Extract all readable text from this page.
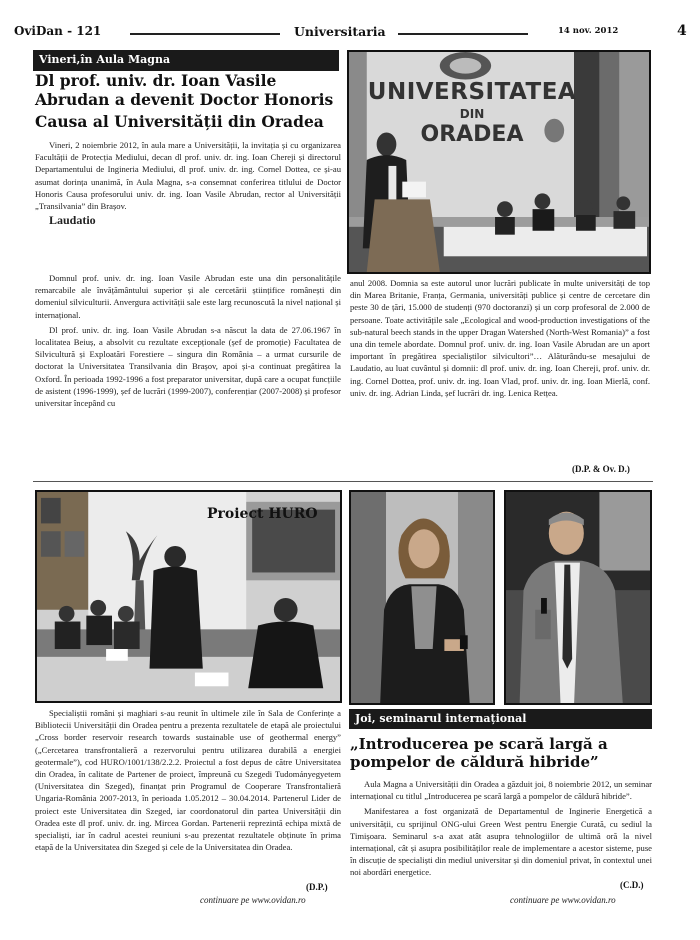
OviDan - 121	Universitaria	14 nov. 2012	4
Vineri,în Aula Magna
Dl prof. univ. dr. Ioan Vasile
Abrudan a devenit Doctor Honoris
Causa al Universității din Oradea

Vineri, 2 noiembrie 2012, în aula mare a Universității, la invitația și cu organizarea Facultății de Protecția Mediului, decan dl prof. univ. dr. ing. Ioan Chereji și directorul Departamentului de Ingineria Mediului, dl prof. univ. dr. ing. Cornel Dottea, ce și-au asumat dorința unanimă, în Aula Magna, s-a consemnat conferirea titlului de Doctor Honoris Causa profesorului univ. dr. ing. Ioan Vasile Abrudan, rector al Universității „Transilvania” din Brașov.

Laudatio

Domnul prof. univ. dr. ing. Ioan Vasile Abrudan este una din personalitățile remarcabile ale învățământului superior și ale cercetării științifice românești din domeniul silviculturii. Anvergura activității sale este larg recunoscută la nivel național și internațional.

Dl prof. univ. dr. ing. Ioan Vasile Abrudan s-a născut la data de 27.06.1967 în localitatea Beiuș, a absolvit cu rezultate excepționale (șef de promoție) Facultatea de Silvicultură și Exploatări Forestiere – singura din România – a urmat cursurile de doctorat la Universitatea Transilvania din Brașov, apoi și-a continuat pregătirea la Oxford. În perioada 1992-1996 a fost preparator universitar, după care a ocupat funcțiile de asistent (1996-1999), șef de lucrări (1999-2007), conferențiar (2007-2008) și profesor universitar începând cu

UNIVERSITATEA
DIN
ORADEA

anul 2008. Domnia sa este autorul unor lucrări publicate în multe universități de top din Marea Britanie, Franța, Germania, universități publice și centre de cercetare din peste 30 de țări, 15.000 de studenți (970 doctoranzi) și un corp profesoral de 2.000 de persoane. Toate activitățile sale „Ecological and wood-production investigations of the sub-natural beech stands in the upper Dragan Watershed (North-West Romania)” a fost una din temele abordate. Domnul prof. univ. dr. ing. Ioan Vasile Abrudan are un aport important în pregătirea specialiștilor silvicultori”… Alăturându-se mesajului de Laudatio, au luat cuvântul și domnii: dl prof. univ. dr. ing. Ioan Chereji, prof. univ. dr. ing. Cornel Dottea, prof. univ. dr. ing. Ioan Vlad, prof. univ. dr. ing. Ioan Mierlă, conf. univ. dr. ing. Adrian Linda, șef lucrări dr. ing. Lenica Retțea.

(D.P. & Ov. D.)
Proiect HURO

Specialiștii români și maghiari s-au reunit în ultimele zile în Sala de Conferințe a Bibliotecii Universității din Oradea pentru a prezenta rezultatele de etapă ale proiectului „Cross border reservoir research towards sustainable use of geothermal energy” („Cercetarea transfrontalieră a rezervorului pentru utilizarea durabilă a energiei geotermale”), cod HURO/1001/138/2.2.2. Proiectul a fost depus de către Universitatea din Oradea, în calitate de Partener de proiect, împreună cu Szegedi Tudományegyetem (Universitatea din Szeged), finanțat prin Programul de Cooperare Transfrontalieră Ungaria-România 2007-2013, în perioada 1.05.2012 – 30.04.2014. Partenerul Lider de proiect este Universitatea din Szeged, iar coordonatorul din partea Universității din Oradea este dl prof. univ. dr. ing. Mircea Gordan. Partenerii reprezintă echipa mixtă de specialiști, iar în cadrul acestei reuniuni s-au prezentat rezultatele obținute în prima etapă de la Universitatea din Szeged și cele de la Universitatea din Oradea.

(D.P.)
continuare pe www.ovidan.ro
Joi, seminarul internațional
„Introducerea pe scară largă a
pompelor de căldură hibride”

Aula Magna a Universității din Oradea a găzduit joi, 8 noiembrie 2012, un seminar internațional cu titlul „Introducerea pe scară largă a pompelor de căldură hibride”.

Manifestarea a fost organizată de Departamentul de Inginerie Energetică a universității, cu sprijinul ONG-ului Green West pentru Energie Curată, cu sediul la Timișoara. Seminarul s-a axat atât asupra tehnologiilor de ultimă oră la nivel internațional, cât și asupra posibilităților reale de implementare a acestor sisteme, puse în discuție de specialiști din mediul universitar și din domeniul privat, în contextul unei noi abordări energetice.

(C.D.)
continuare pe www.ovidan.ro
